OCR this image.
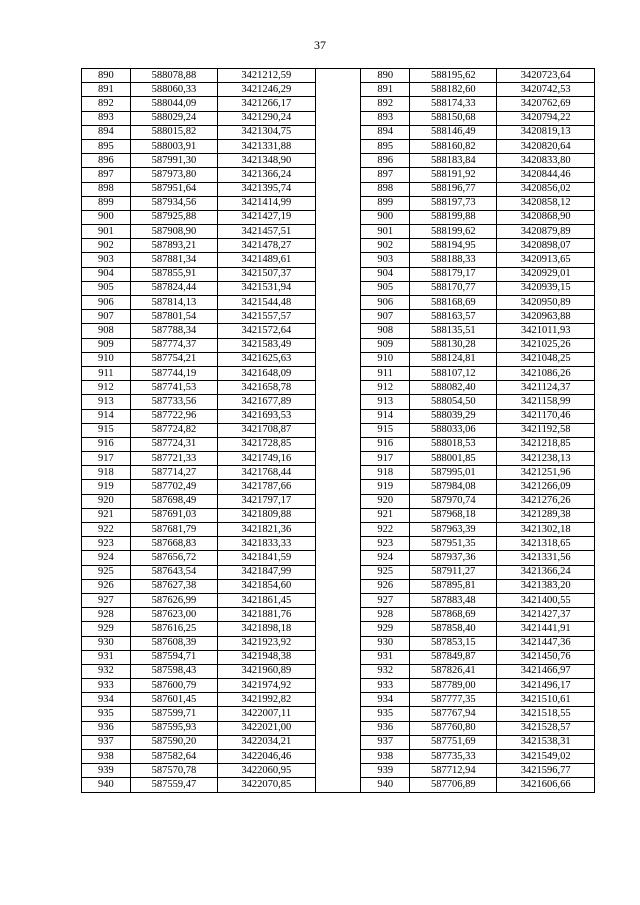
37
890	588078,88	3421212,59		890	588195,62	3420723,64
891	588060,33	3421246,29		891	588182,60	3420742,53
892	588044,09	3421266,17		892	588174,33	3420762,69
893	588029,24	3421290,24		893	588150,68	3420794,22
894	588015,82	3421304,75		894	588146,49	3420819,13
895	588003,91	3421331,88		895	588160,82	3420820,64
896	587991,30	3421348,90		896	588183,84	3420833,80
897	587973,80	3421366,24		897	588191,92	3420844,46
898	587951,64	3421395,74		898	588196,77	3420856,02
899	587934,56	3421414,99		899	588197,73	3420858,12
900	587925,88	3421427,19		900	588199,88	3420868,90
901	587908,90	3421457,51		901	588199,62	3420879,89
902	587893,21	3421478,27		902	588194,95	3420898,07
903	587881,34	3421489,61		903	588188,33	3420913,65
904	587855,91	3421507,37		904	588179,17	3420929,01
905	587824,44	3421531,94		905	588170,77	3420939,15
906	587814,13	3421544,48		906	588168,69	3420950,89
907	587801,54	3421557,57		907	588163,57	3420963,88
908	587788,34	3421572,64		908	588135,51	3421011,93
909	587774,37	3421583,49		909	588130,28	3421025,26
910	587754,21	3421625,63		910	588124,81	3421048,25
911	587744,19	3421648,09		911	588107,12	3421086,26
912	587741,53	3421658,78		912	588082,40	3421124,37
913	587733,56	3421677,89		913	588054,50	3421158,99
914	587722,96	3421693,53		914	588039,29	3421170,46
915	587724,82	3421708,87		915	588033,06	3421192,58
916	587724,31	3421728,85		916	588018,53	3421218,85
917	587721,33	3421749,16		917	588001,85	3421238,13
918	587714,27	3421768,44		918	587995,01	3421251,96
919	587702,49	3421787,66		919	587984,08	3421266,09
920	587698,49	3421797,17		920	587970,74	3421276,26
921	587691,03	3421809,88		921	587968,18	3421289,38
922	587681,79	3421821,36		922	587963,39	3421302,18
923	587668,83	3421833,33		923	587951,35	3421318,65
924	587656,72	3421841,59		924	587937,36	3421331,56
925	587643,54	3421847,99		925	587911,27	3421366,24
926	587627,38	3421854,60		926	587895,81	3421383,20
927	587626,99	3421861,45		927	587883,48	3421400,55
928	587623,00	3421881,76		928	587868,69	3421427,37
929	587616,25	3421898,18		929	587858,40	3421441,91
930	587608,39	3421923,92		930	587853,15	3421447,36
931	587594,71	3421948,38		931	587849,87	3421450,76
932	587598,43	3421960,89		932	587826,41	3421466,97
933	587600,79	3421974,92		933	587789,00	3421496,17
934	587601,45	3421992,82		934	587777,35	3421510,61
935	587599,71	3422007,11		935	587767,94	3421518,55
936	587595,93	3422021,00		936	587760,80	3421528,57
937	587590,20	3422034,21		937	587751,69	3421538,31
938	587582,64	3422046,46		938	587735,33	3421549,02
939	587570,78	3422060,95		939	587712,94	3421596,77
940	587559,47	3422070,85		940	587706,89	3421606,66
